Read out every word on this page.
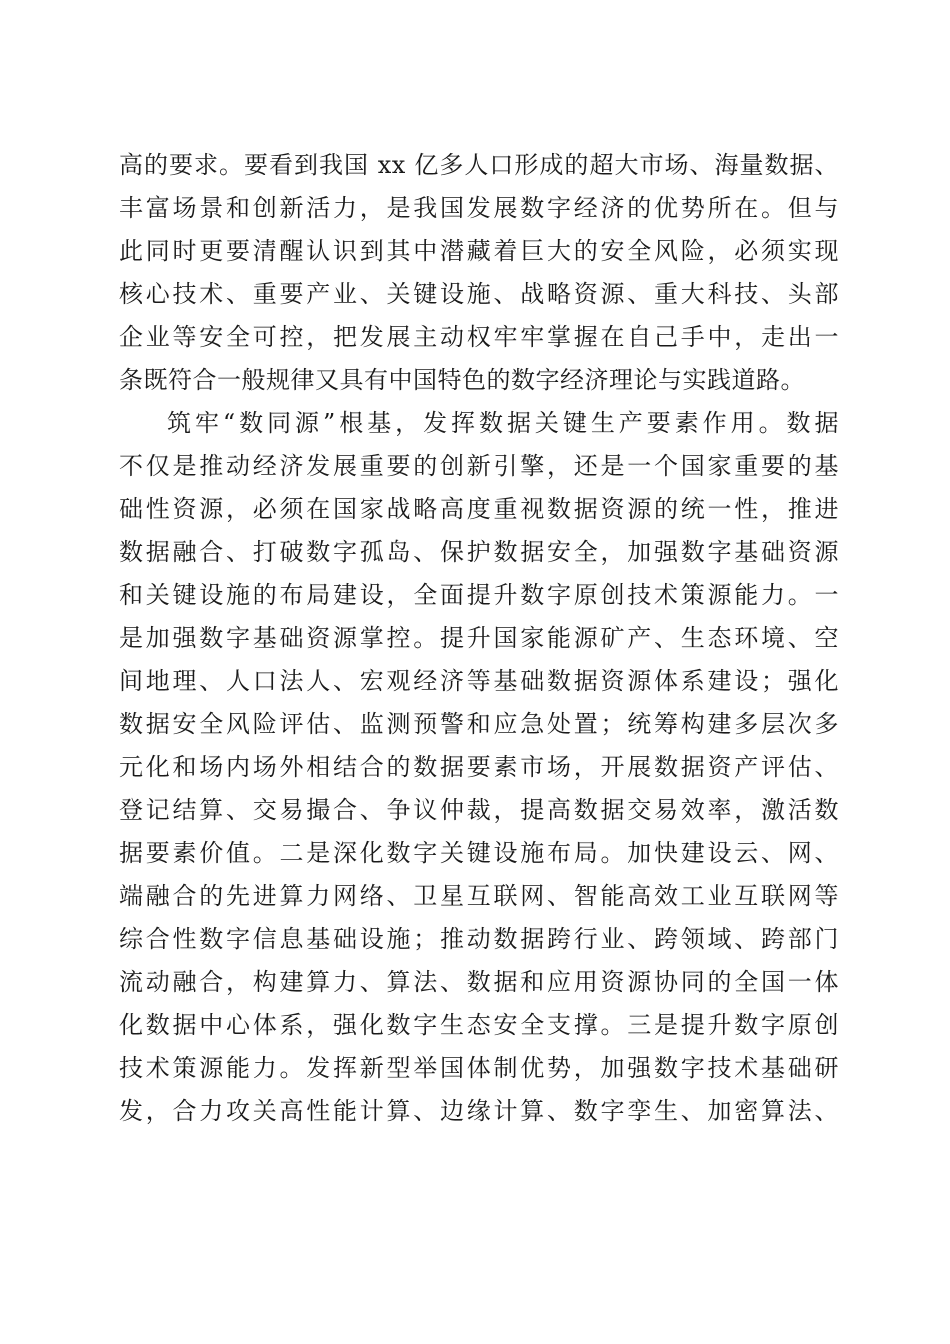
高的要求。要看到我国 xx 亿多人口形成的超大市场、海量数据、
丰富场景和创新活力，是我国发展数字经济的优势所在。但与
此同时更要清醒认识到其中潜藏着巨大的安全风险，必须实现
核心技术、重要产业、关键设施、战略资源、重大科技、头部
企业等安全可控，把发展主动权牢牢掌握在自己手中，走出一
条既符合一般规律又具有中国特色的数字经济理论与实践道路。
筑牢“数同源”根基，发挥数据关键生产要素作用。数据
不仅是推动经济发展重要的创新引擎，还是一个国家重要的基
础性资源，必须在国家战略高度重视数据资源的统一性，推进
数据融合、打破数字孤岛、保护数据安全，加强数字基础资源
和关键设施的布局建设，全面提升数字原创技术策源能力。一
是加强数字基础资源掌控。提升国家能源矿产、生态环境、空
间地理、人口法人、宏观经济等基础数据资源体系建设；强化
数据安全风险评估、监测预警和应急处置；统筹构建多层次多
元化和场内场外相结合的数据要素市场，开展数据资产评估、
登记结算、交易撮合、争议仲裁，提高数据交易效率，激活数
据要素价值。二是深化数字关键设施布局。加快建设云、网、
端融合的先进算力网络、卫星互联网、智能高效工业互联网等
综合性数字信息基础设施；推动数据跨行业、跨领域、跨部门
流动融合，构建算力、算法、数据和应用资源协同的全国一体
化数据中心体系，强化数字生态安全支撑。三是提升数字原创
技术策源能力。发挥新型举国体制优势，加强数字技术基础研
发，合力攻关高性能计算、边缘计算、数字孪生、加密算法、
